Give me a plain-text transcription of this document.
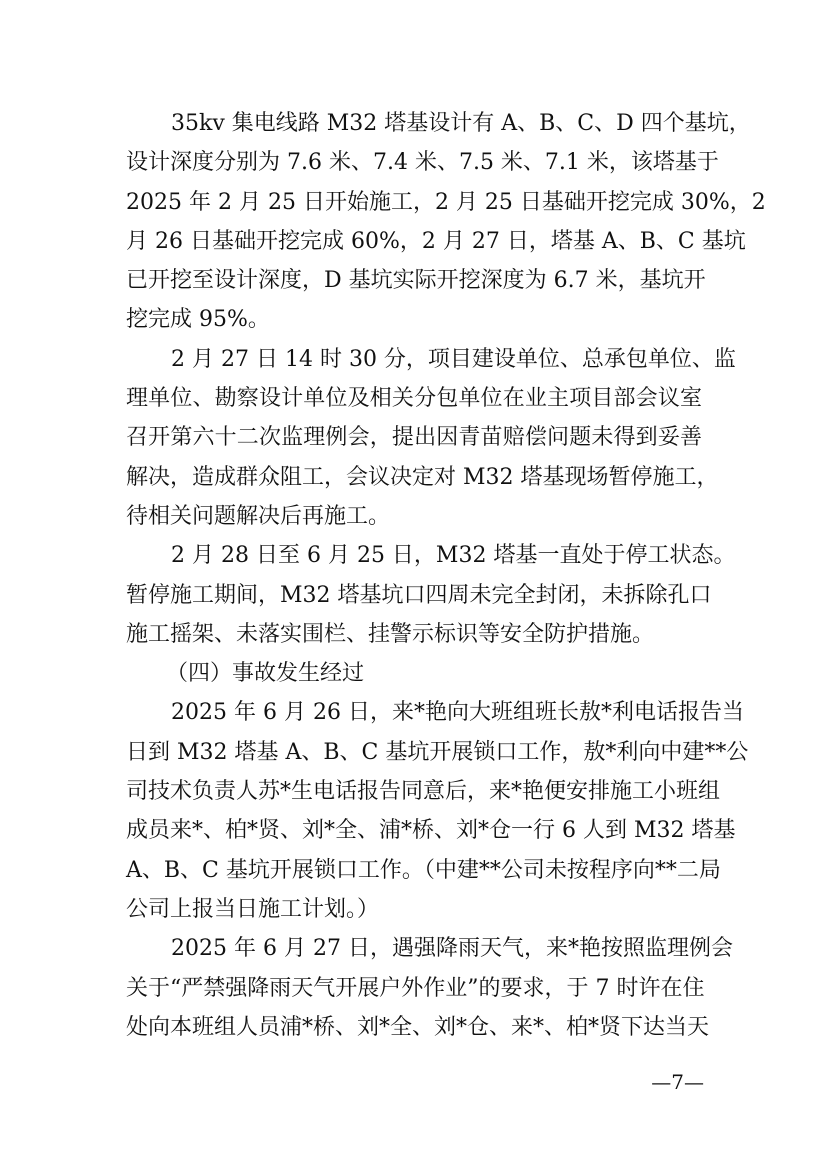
35kv 集电线路 M32 塔基设计有 A、B、C、D 四个基坑，
设计深度分别为 7.6 米、7.4 米、7.5 米、7.1 米，该塔基于
2025 年 2 月 25 日开始施工，2 月 25 日基础开挖完成 30%，2
月 26 日基础开挖完成 60%，2 月 27 日，塔基 A、B、C 基坑
已开挖至设计深度，D 基坑实际开挖深度为 6.7 米，基坑开
挖完成 95%。
2 月 27 日 14 时 30 分，项目建设单位、总承包单位、监
理单位、勘察设计单位及相关分包单位在业主项目部会议室
召开第六十二次监理例会，提出因青苗赔偿问题未得到妥善
解决，造成群众阻工，会议决定对 M32 塔基现场暂停施工，
待相关问题解决后再施工。
2 月 28 日至 6 月 25 日，M32 塔基一直处于停工状态。
暂停施工期间，M32 塔基坑口四周未完全封闭，未拆除孔口
施工摇架、未落实围栏、挂警示标识等安全防护措施。
（四）事故发生经过
2025 年 6 月 26 日，来*艳向大班组班长敖*利电话报告当
日到 M32 塔基 A、B、C 基坑开展锁口工作，敖*利向中建**公
司技术负责人苏*生电话报告同意后，来*艳便安排施工小班组
成员来*、柏*贤、刘*全、浦*桥、刘*仓一行 6 人到 M32 塔基
A、B、C 基坑开展锁口工作。（中建**公司未按程序向**二局
公司上报当日施工计划。）
2025 年 6 月 27 日，遇强降雨天气，来*艳按照监理例会
关于“严禁强降雨天气开展户外作业”的要求，于 7 时许在住
处向本班组人员浦*桥、刘*全、刘*仓、来*、柏*贤下达当天
—7—
